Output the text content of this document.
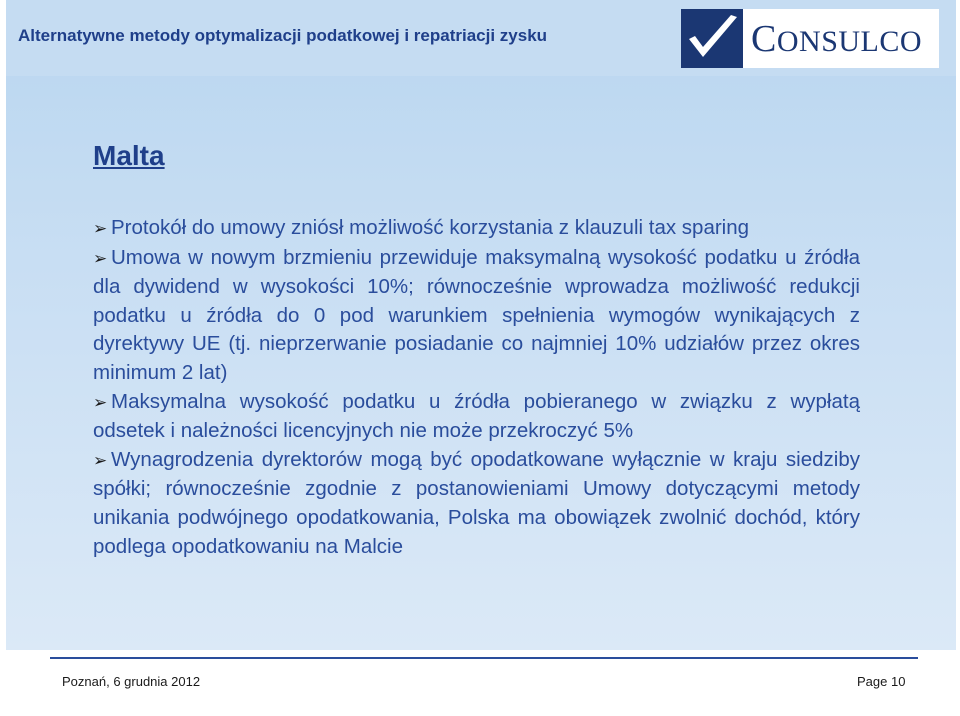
Alternatywne metody optymalizacji podatkowej i repatriacji zysku	CONSULCO
Malta

➢ Protokół do umowy zniósł możliwość korzystania z klauzuli tax sparing

➢ Umowa w nowym brzmieniu przewiduje maksymalną wysokość podatku u źródła dla dywidend w wysokości 10%; równocześnie wprowadza możliwość redukcji podatku u źródła do 0 pod warunkiem spełnienia wymogów wynikających z dyrektywy UE (tj. nieprzerwanie posiadanie co najmniej 10% udziałów przez okres minimum 2 lat)

➢ Maksymalna wysokość podatku u źródła pobieranego w związku z wypłatą odsetek i należności licencyjnych nie może przekroczyć 5%

➢ Wynagrodzenia dyrektorów mogą być opodatkowane wyłącznie w kraju siedziby spółki; równocześnie zgodnie z postanowieniami Umowy dotyczącymi metody unikania podwójnego opodatkowania, Polska ma obowiązek zwolnić dochód, który podlega opodatkowaniu na Malcie

Poznań, 6 grudnia 2012	Page 10
